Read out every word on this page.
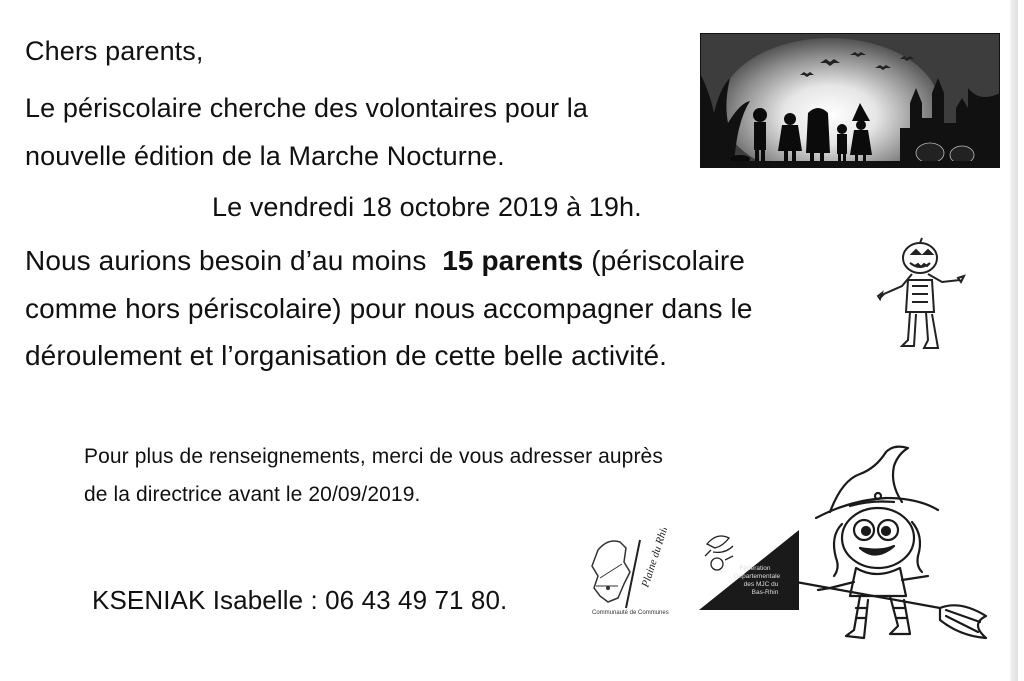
Chers parents,
Le périscolaire cherche des volontaires pour la
nouvelle édition de la Marche Nocturne.
Le vendredi 18 octobre 2019 à 19h.
Nous aurions besoin d’au moins 15 parents (périscolaire
comme hors périscolaire) pour nous accompagner dans le
déroulement et l’organisation de cette belle activité.
Pour plus de renseignements, merci de vous adresser auprès
de la directrice avant le 20/09/2019.
KSENIAK Isabelle : 06 43 49 71 80.
Plaine du Rhin
Communauté de Communes
Fédération
Départementale
des MJC du
Bas-Rhin
